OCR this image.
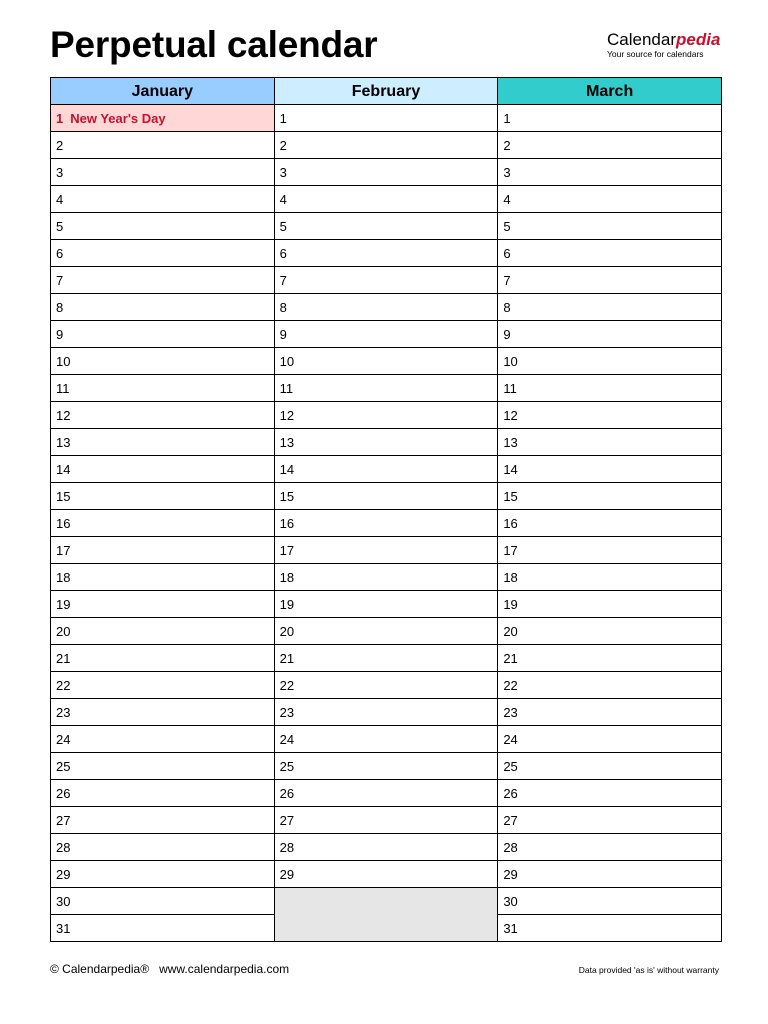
Perpetual calendar	Calendarpedia
Your source for calendars
January	February	March
1 New Year's Day	1	1
2	2	2
3	3	3
4	4	4
5	5	5
6	6	6
7	7	7
8	8	8
9	9	9
10	10	10
11	11	11
12	12	12
13	13	13
14	14	14
15	15	15
16	16	16
17	17	17
18	18	18
19	19	19
20	20	20
21	21	21
22	22	22
23	23	23
24	24	24
25	25	25
26	26	26
27	27	27
28	28	28
29	29	29
30		30
31		31
© Calendarpedia® www.calendarpedia.com	Data provided 'as is' without warranty
